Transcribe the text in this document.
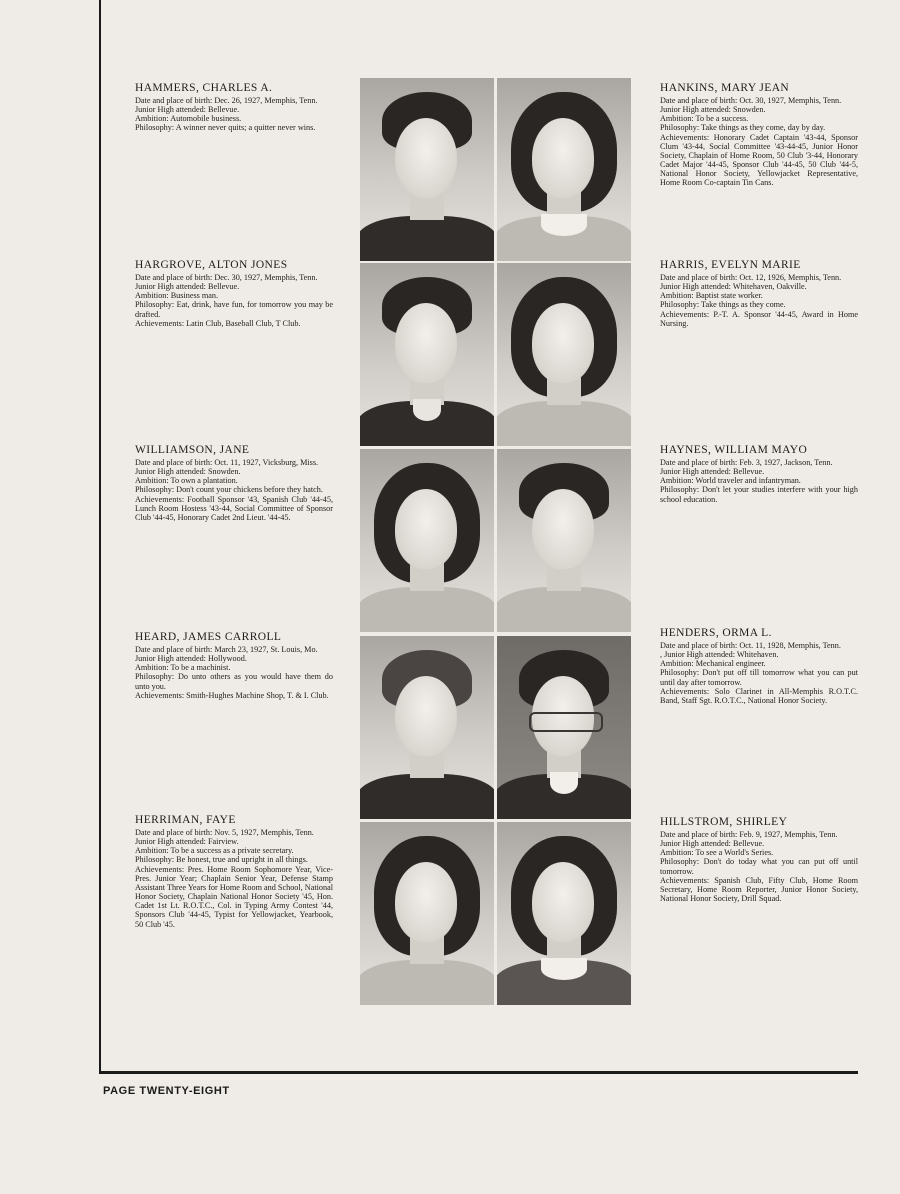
HAMMERS, CHARLES A.
Date and place of birth: Dec. 26, 1927, Memphis, Tenn.
Junior High attended: Bellevue.
Ambition: Automobile business.
Philosophy: A winner never quits; a quitter never wins.
HANKINS, MARY JEAN
Date and place of birth: Oct. 30, 1927, Memphis, Tenn.
Junior High attended: Snowden.
Ambition: To be a success.
Philosophy: Take things as they come, day by day.
Achievements: Honorary Cadet Captain '43-44, Sponsor Clum '43-44, Social Committee '43-44-45, Junior Honor Society, Chaplain of Home Room, 50 Club '3-44, Honorary Cadet Major '44-45, Sponsor Club '44-45, 50 Club '44-5, National Honor Society, Yellowjacket Representative, Home Room Co-captain Tin Cans.
HARGROVE, ALTON JONES
Date and place of birth: Dec. 30, 1927, Memphis, Tenn.
Junior High attended: Bellevue.
Ambition: Business man.
Philosophy: Eat, drink, have fun, for tomorrow you may be drafted.
Achievements: Latin Club, Baseball Club, T Club.
HARRIS, EVELYN MARIE
Date and place of birth: Oct. 12, 1926, Memphis, Tenn.
Junior High attended: Whitehaven, Oakville.
Ambition: Baptist state worker.
Philosophy: Take things as they come.
Achievements: P.-T. A. Sponsor '44-45, Award in Home Nursing.
WILLIAMSON, JANE
Date and place of birth: Oct. 11, 1927, Vicksburg, Miss.
Junior High attended: Snowden.
Ambition: To own a plantation.
Philosophy: Don't count your chickens before they hatch.
Achievements: Football Sponsor '43, Spanish Club '44-45, Lunch Room Hostess '43-44, Social Committee of Sponsor Club '44-45, Honorary Cadet 2nd Lieut. '44-45.
HAYNES, WILLIAM MAYO
Date and place of birth: Feb. 3, 1927, Jackson, Tenn.
Junior High attended: Bellevue.
Ambition: World traveler and infantryman.
Philosophy: Don't let your studies interfere with your high school education.
HEARD, JAMES CARROLL
Date and place of birth: March 23, 1927, St. Louis, Mo.
Junior High attended: Hollywood.
Ambition: To be a machinist.
Philosophy: Do unto others as you would have them do unto you.
Achievements: Smith-Hughes Machine Shop, T. & I. Club.
HENDERS, ORMA L.
Date and place of birth: Oct. 11, 1928, Memphis, Tenn.
, Junior High attended: Whitehaven.
Ambition: Mechanical engineer.
Philosophy: Don't put off till tomorrow what you can put until day after tomorrow.
Achievements: Solo Clarinet in All-Memphis R.O.T.C. Band, Staff Sgt. R.O.T.C., National Honor Society.
HERRIMAN, FAYE
Date and place of birth: Nov. 5, 1927, Memphis, Tenn.
Junior High attended: Fairview.
Ambition: To be a success as a private secretary.
Philosophy: Be honest, true and upright in all things.
Achievements: Pres. Home Room Sophomore Year, Vice-Pres. Junior Year; Chaplain Senior Year, Defense Stamp Assistant Three Years for Home Room and School, National Honor Society, Chaplain National Honor Society '45, Hon. Cadet 1st Lt. R.O.T.C., Col. in Typing Army Contest '44, Sponsors Club '44-45, Typist for Yellowjacket, Yearbook, 50 Club '45.
HILLSTROM, SHIRLEY
Date and place of birth: Feb. 9, 1927, Memphis, Tenn.
Junior High attended: Bellevue.
Ambition: To see a World's Series.
Philosophy: Don't do today what you can put off until tomorrow.
Achievements: Spanish Club, Fifty Club, Home Room Secretary, Home Room Reporter, Junior Honor Society, National Honor Society, Drill Squad.
PAGE TWENTY-EIGHT
